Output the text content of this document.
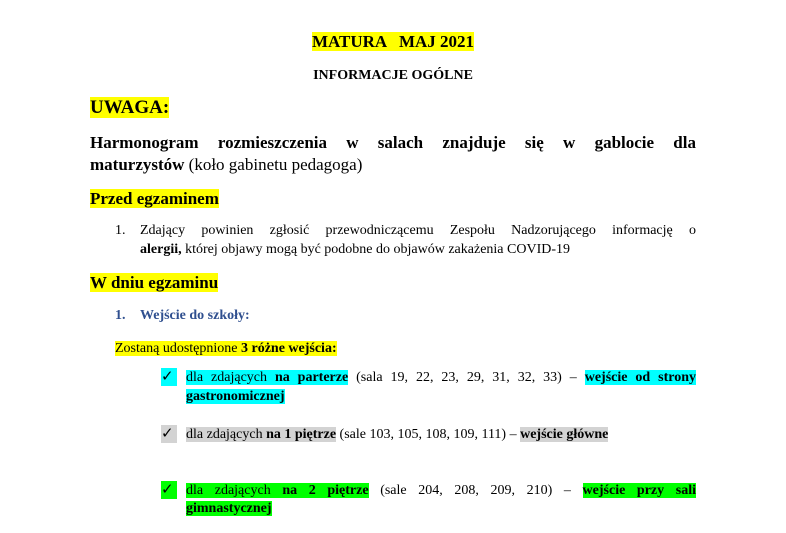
MATURA   MAJ 2021
INFORMACJE OGÓLNE
UWAGA:
Harmonogram rozmieszczenia w salach znajduje się w gablocie dla
maturzystów (koło gabinetu pedagoga)
Przed egzaminem
1. Zdający powinien zgłosić przewodniczącemu Zespołu Nadzorującego informację o
alergii, której objawy mogą być podobne do objawów zakażenia COVID-19
W dniu egzaminu
1. Wejście do szkoły:
Zostaną udostępnione 3 różne wejścia:
✓ dla zdających na parterze (sala 19, 22, 23, 29, 31, 32, 33) – wejście od strony
gastronomicznej
✓ dla zdających na 1 piętrze (sale 103, 105, 108, 109, 111) – wejście główne
✓ dla zdających na 2 piętrze (sale 204, 208, 209, 210) – wejście przy sali
gimnastycznej
